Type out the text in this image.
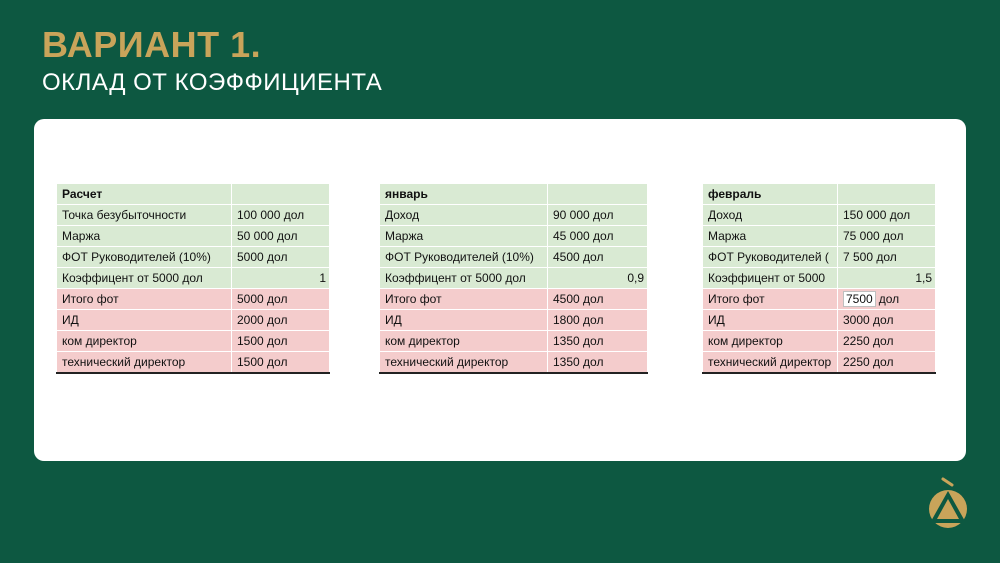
ВАРИАНТ 1.
ОКЛАД ОТ КОЭФФИЦИЕНТА
Расчет		
Точка безубыточности	100 000 дол	
Маржа	50 000 дол	
ФОТ Руководителей (10%)	5000 дол	
Коэффицент от 5000 дол	1	
Итого фот	5000 дол	
ИД	2000 дол	
ком директор	1500 дол	
технический директор	1500 дол	
январь		
Доход	90 000 дол	
Маржа	45 000 дол	
ФОТ Руководителей (10%)	4500 дол	
Коэффицент от 5000 дол	0,9	
Итого фот	4500 дол	
ИД	1800 дол	
ком директор	1350 дол	
технический директор	1350 дол	
февраль	
Доход	150 000 дол
Маржа	75 000 дол
ФОТ Руководителей (	7 500 дол
Коэффицент от 5000	1,5
Итого фот	7500 дол
ИД	3000 дол
ком директор	2250 дол
технический директор	2250 дол
